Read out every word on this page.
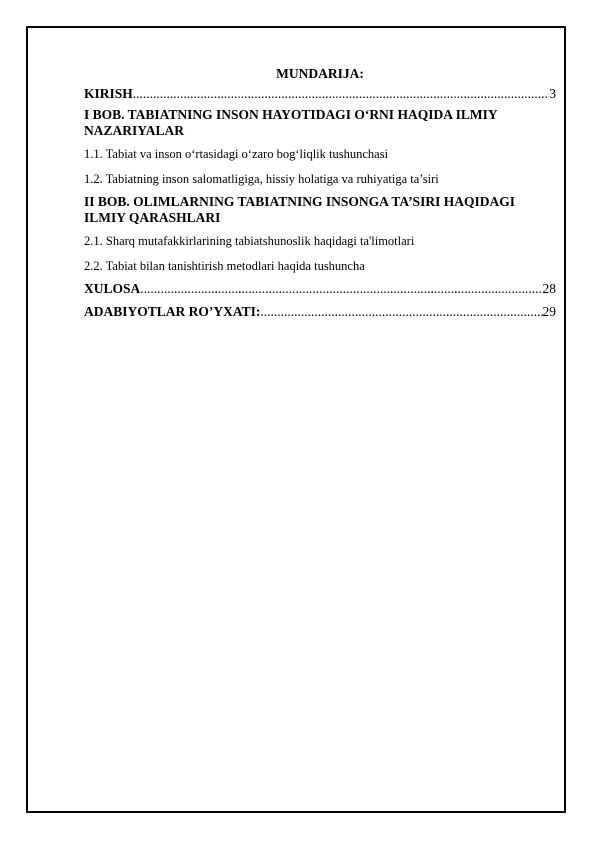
MUNDARIJA:
KIRISH .....	3
I BOB. TABIATNING INSON HAYOTIDAGI O‘RNI HAQIDA ILMIY
NAZARIYALAR
1.1. Tabiat va inson o‘rtasidagi o‘zaro bog‘liqlik tushunchasi
1.2. Tabiatning inson salomatligiga, hissiy holatiga va ruhiyatiga ta’siri
II BOB. OLIMLARNING TABIATNING INSONGA TA’SIRI HAQIDAGI
ILMIY QARASHLARI
2.1. Sharq mutafakkirlarining tabiatshunoslik haqidagi ta'limotlari
2.2. Tabiat bilan tanishtirish metodlari haqida tushuncha
XULOSA .....	28
ADABIYOTLAR RO’YXATI: .....	29
